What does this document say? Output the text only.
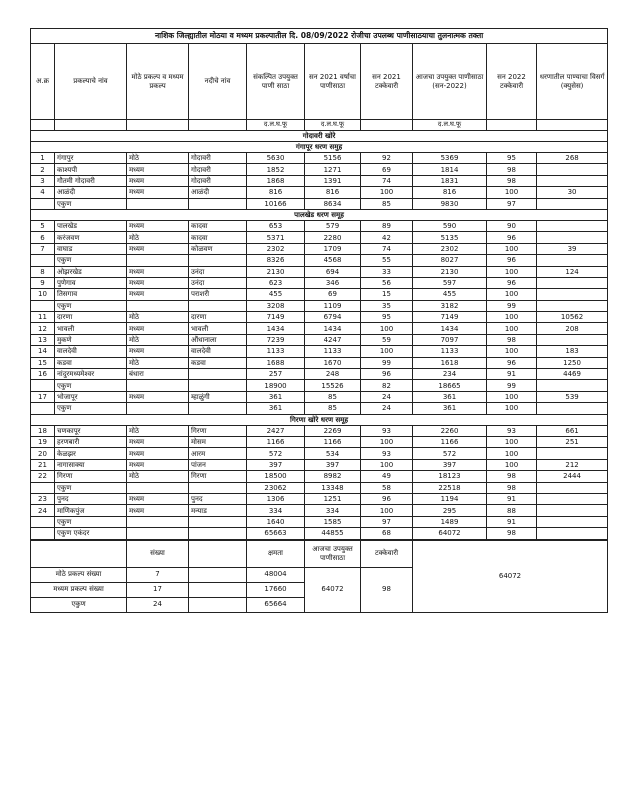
नाशिक जिल्ह्यातील मोठया व मध्यम प्रकल्पातील दि. 08/09/2022 रोजीचा उपलब्ध पाणीसाठयाचा तुलनात्मक तक्ता									
अ.क्र	प्रकल्पाचे नांव	मोठे प्रकल्प व मध्यम प्रकल्प	नदीचे नांव	संकल्पित उपयुक्त पाणी साठा	सन 2021 वर्षाचा पाणीसाठा	सन 2021 टक्केवारी	आजचा उपयुक्त पाणीसाठा (सन-2022)	सन 2022 टक्केवारी	धरणातील पाण्याचा विसर्ग (क्युसेस)
				द.ल.घ.फू	द.ल.घ.फू		द.ल.घ.फू		
गोदावरी खोरे									
गंगापूर धरण समुह									
1	गंगापुर	मोठे	गोदावरी	5630	5156	92	5369	95	268
2	काश्यपी	मध्यम	गोदावरी	1852	1271	69	1814	98	
3	गौतमी गोदावरी	मध्यम	गोदावरी	1868	1391	74	1831	98	
4	आळंदी	मध्यम	आळंदी	816	816	100	816	100	30
	एकुण			10166	8634	85	9830	97	
पालखेड धरण समूह									
5	पालखेड	मध्यम	कादवा	653	579	89	590	90	
6	करंजवण	मोठे	कादवा	5371	2280	42	5135	96	
7	वाघाड	मध्यम	कोळवण	2302	1709	74	2302	100	39
	एकुण			8326	4568	55	8027	96	
8	ओझरखेड	मध्यम	उनंदा	2130	694	33	2130	100	124
9	पुणेगाव	मध्यम	उनंदा	623	346	56	597	96	
10	तिसगाव	मध्यम	पराशरी	455	69	15	455	100	
	एकुण			3208	1109	35	3182	99	
11	दारणा	मोठे	दारणा	7149	6794	95	7149	100	10562
12	भावली	मध्यम	भावली	1434	1434	100	1434	100	208
13	मुकणे	मोठे	औंधानाला	7239	4247	59	7097	98	
14	वालदेवी	मध्यम	वालदेवी	1133	1133	100	1133	100	183
15	कडवा	मोठे	कडवा	1688	1670	99	1618	96	1250
16	नांदुरमध्यमेश्वर	बंधारा		257	248	96	234	91	4469
	एकुण			18900	15526	82	18665	99	
17	भोजापूर	मध्यम	म्हाळुंगी	361	85	24	361	100	539
	एकुण			361	85	24	361	100	
गिरणा खोरे धरण समूह									
18	चणकापूर	मोठे	गिरणा	2427	2269	93	2260	93	661
19	हरणबारी	मध्यम	मोसम	1166	1166	100	1166	100	251
20	केळझर	मध्यम	आरम	572	534	93	572	100	
21	नागासाक्या	मध्यम	पांजन	397	397	100	397	100	212
22	गिरणा	मोठे	गिरणा	18500	8982	49	18123	98	2444
	एकुण			23062	13348	58	22518	98	
23	पुनद	मध्यम	पुनद	1306	1251	96	1194	91	
24	माणिकपुंज	मध्यम	मन्याड	334	334	100	295	88	
	एकुण			1640	1585	97	1489	91	
	एकुण एकंदर			65663	44855	68	64072	98	
	संख्या		क्षमता	आजचा उपयुक्त पाणीसाठा	टक्केवारी	64072
मोठे प्रकल्प संख्या	7		48004	64072	98	
मध्यम प्रकल्प संख्या	17		17660			
एकुण	24		65664			
